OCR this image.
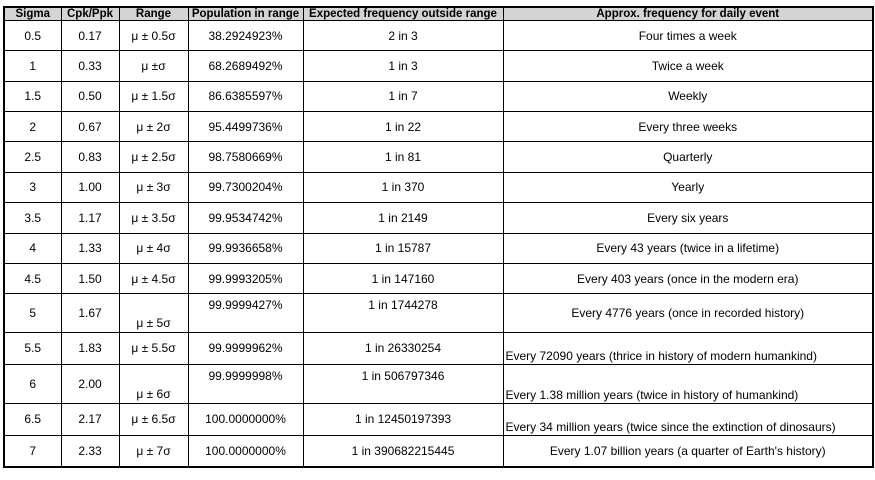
Sigma	Cpk/Ppk	Range	Population in range	Expected frequency outside range	Approx. frequency for daily event
0.5	0.17	μ ± 0.5σ	38.2924923%	2 in 3	Four times a week
1	0.33	μ ±σ	68.2689492%	1 in 3	Twice a week
1.5	0.50	μ ± 1.5σ	86.6385597%	1 in 7	Weekly
2	0.67	μ ± 2σ	95.4499736%	1 in 22	Every three weeks
2.5	0.83	μ ± 2.5σ	98.7580669%	1 in 81	Quarterly
3	1.00	μ ± 3σ	99.7300204%	1 in 370	Yearly
3.5	1.17	μ ± 3.5σ	99.9534742%	1 in 2149	Every six years
4	1.33	μ ± 4σ	99.9936658%	1 in 15787	Every 43 years (twice in a lifetime)
4.5	1.50	μ ± 4.5σ	99.9993205%	1 in 147160	Every 403 years (once in the modern era)
5	1.67	μ ± 5σ	99.9999427%	1 in 1744278	Every 4776 years (once in recorded history)
5.5	1.83	μ ± 5.5σ	99.9999962%	1 in 26330254	Every 72090 years (thrice in history of modern humankind)
6	2.00	μ ± 6σ	99.9999998%	1 in 506797346	Every 1.38 million years (twice in history of humankind)
6.5	2.17	μ ± 6.5σ	100.0000000%	1 in 12450197393	Every 34 million years (twice since the extinction of dinosaurs)
7	2.33	μ ± 7σ	100.0000000%	1 in 390682215445	Every 1.07 billion years (a quarter of Earth's history)
